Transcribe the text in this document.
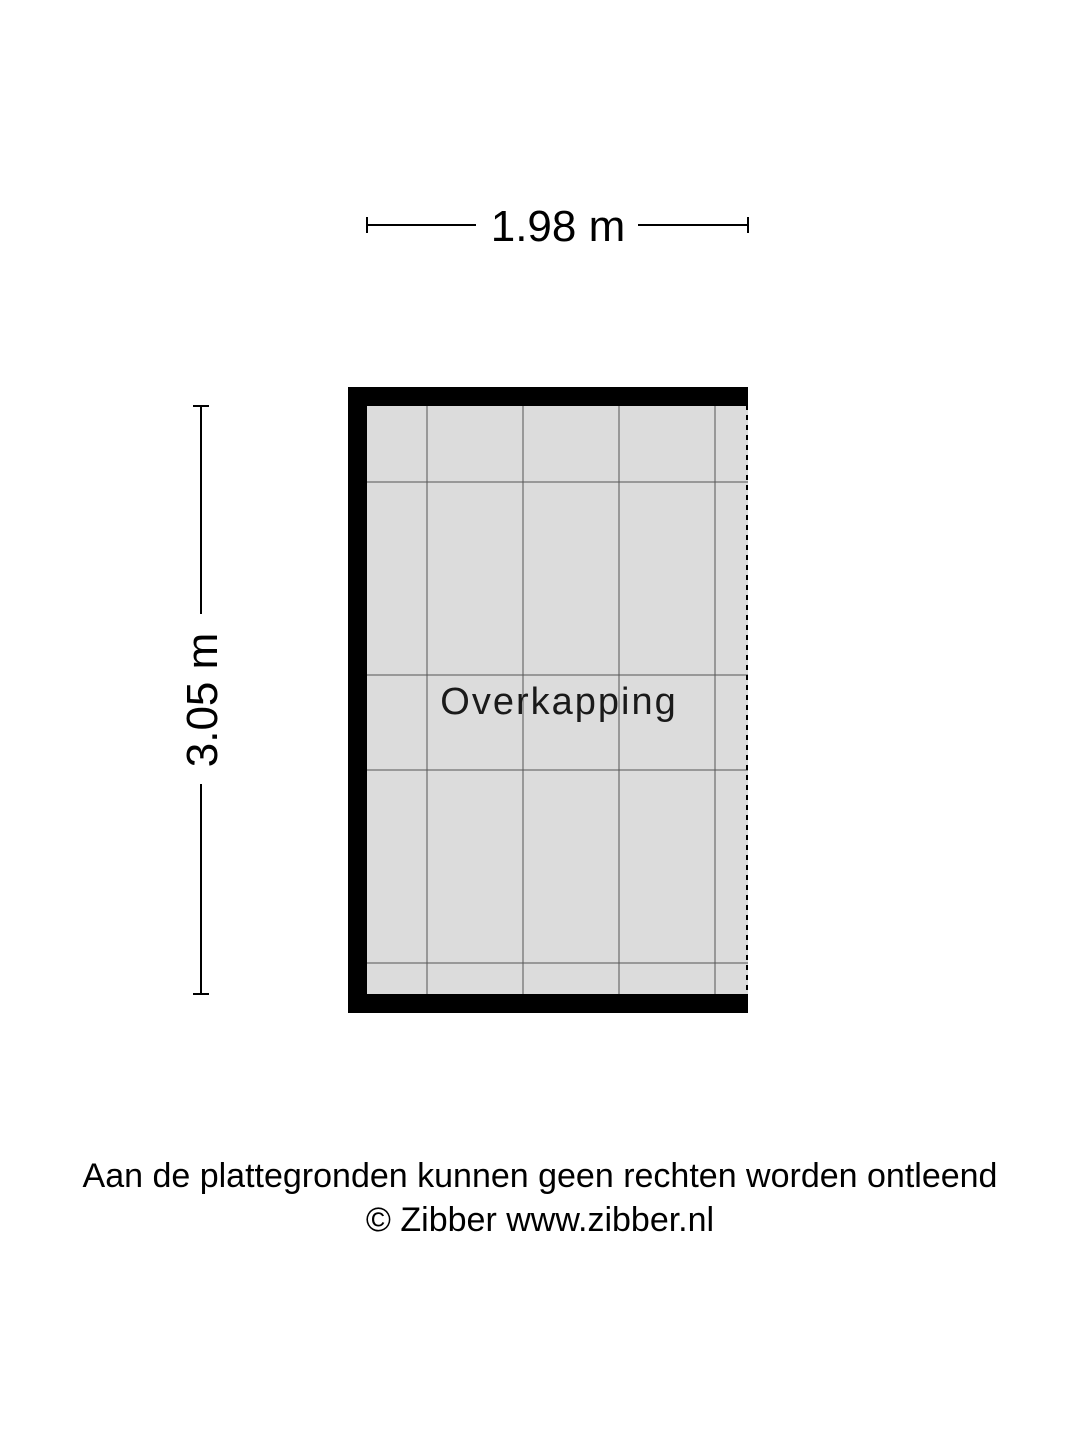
1.98 m
3.05 m	Overkapping
Aan de plattegronden kunnen geen rechten worden ontleend
© Zibber www.zibber.nl
